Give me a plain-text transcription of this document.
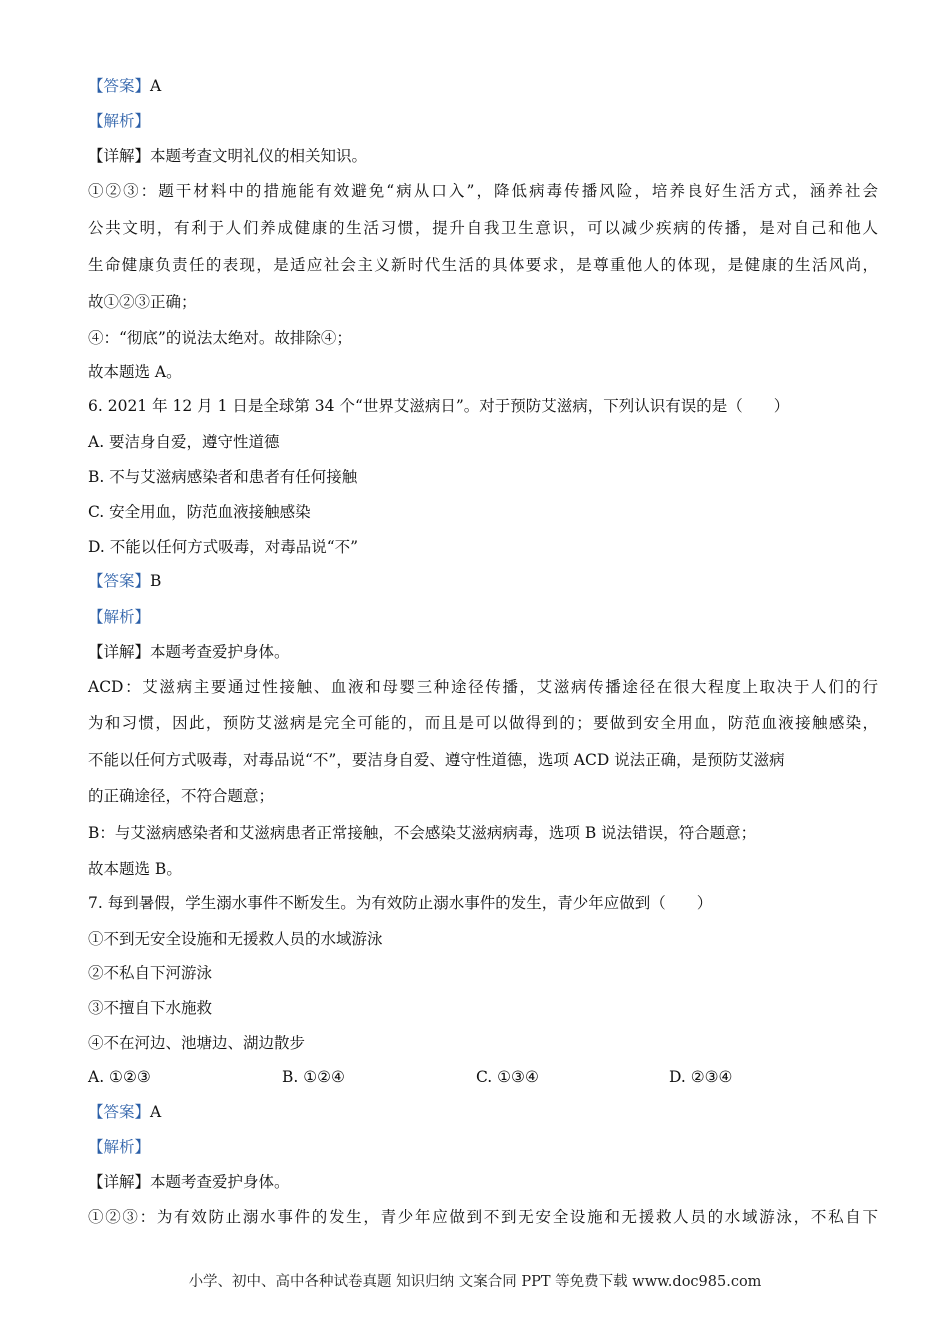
【答案】A
【解析】
【详解】本题考查文明礼仪的相关知识。
①②③：题干材料中的措施能有效避免“病从口入”，降低病毒传播风险，培养良好生活方式，涵养社会
公共文明，有利于人们养成健康的生活习惯，提升自我卫生意识，可以减少疾病的传播，是对自己和他人
生命健康负责任的表现，是适应社会主义新时代生活的具体要求，是尊重他人的体现，是健康的生活风尚，
故①②③正确；
④：“彻底”的说法太绝对。故排除④；
故本题选 A。
6. 2021 年 12 月 1 日是全球第 34 个“世界艾滋病日”。对于预防艾滋病，下列认识有误的是（　　）
A. 要洁身自爱，遵守性道德
B. 不与艾滋病感染者和患者有任何接触
C. 安全用血，防范血液接触感染
D. 不能以任何方式吸毒，对毒品说“不”
【答案】B
【解析】
【详解】本题考查爱护身体。
ACD：艾滋病主要通过性接触、血液和母婴三种途径传播，艾滋病传播途径在很大程度上取决于人们的行
为和习惯，因此，预防艾滋病是完全可能的，而且是可以做得到的；要做到安全用血，防范血液接触感染，
不能以任何方式吸毒，对毒品说“不”，要洁身自爱、遵守性道德，选项 ACD 说法正确，是预防艾滋病
的正确途径，不符合题意；
B：与艾滋病感染者和艾滋病患者正常接触，不会感染艾滋病病毒，选项 B 说法错误，符合题意；
故本题选 B。
7. 每到暑假，学生溺水事件不断发生。为有效防止溺水事件的发生，青少年应做到（　　）
①不到无安全设施和无援救人员的水域游泳
②不私自下河游泳
③不擅自下水施救
④不在河边、池塘边、湖边散步
A. ①②③	B. ①②④	C. ①③④	D. ②③④
【答案】A
【解析】
【详解】本题考查爱护身体。
①②③：为有效防止溺水事件的发生，青少年应做到不到无安全设施和无援救人员的水域游泳，不私自下
小学、初中、高中各种试卷真题 知识归纳 文案合同 PPT 等免费下载 www.doc985.com
